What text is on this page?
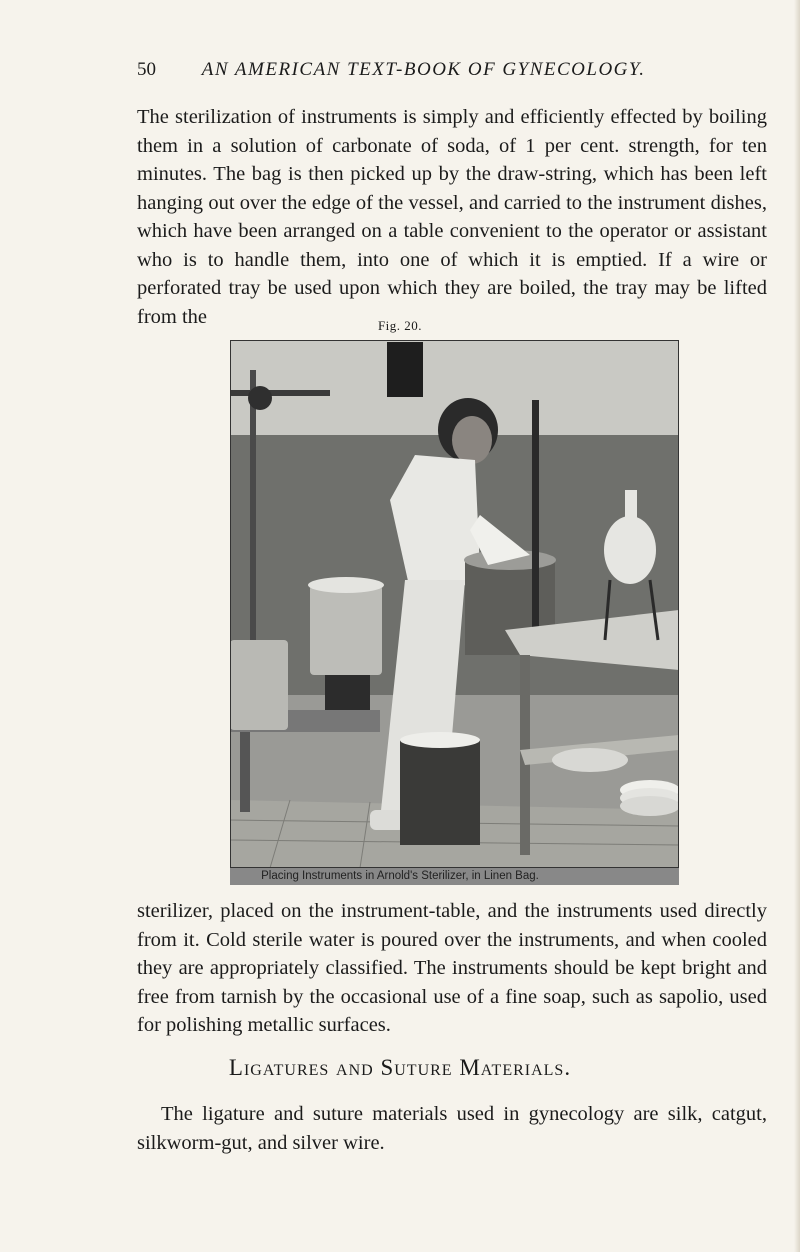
50 AN AMERICAN TEXT-BOOK OF GYNECOLOGY.

The sterilization of instruments is simply and efficiently effected by boiling them in a solution of carbonate of soda, of 1 per cent. strength, for ten minutes. The bag is then picked up by the draw-string, which has been left hanging out over the edge of the vessel, and carried to the instrument dishes, which have been arranged on a table convenient to the operator or assistant who is to handle them, into one of which it is emptied. If a wire or perforated tray be used upon which they are boiled, the tray may be lifted from the	Fig. 20.
Placing Instruments in Arnold's Sterilizer, in Linen Bag.

sterilizer, placed on the instrument-table, and the instruments used directly from it. Cold sterile water is poured over the instruments, and when cooled they are appropriately classified. The instruments should be kept bright and free from tarnish by the occasional use of a fine soap, such as sapolio, used for polishing metallic surfaces.

Ligatures and Suture Materials.

The ligature and suture materials used in gynecology are silk, catgut, silkworm-gut, and silver wire.
